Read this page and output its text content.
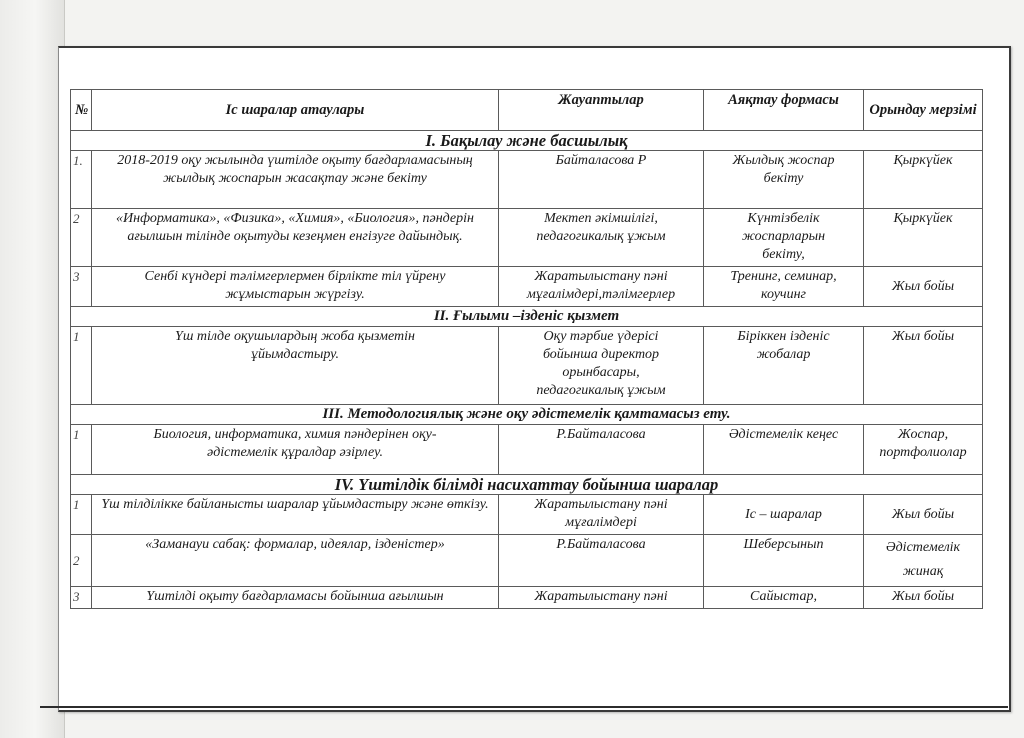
№	Іс шаралар атаулары	Жауаптылар	Аяқтау формасы	Орындау мерзімі
І. Бақылау және басшылық				
1.	2018-2019 оқу жылында үштілде оқыту бағдарламасының жылдық жоспарын жасақтау және бекіту	Байталасова Р	Жылдық жоспар бекіту	Қыркүйек
2	«Информатика», «Физика», «Химия», «Биология», пәндерін ағылшын тілінде оқытуды кезеңмен енгізуге дайындық.	Мектеп әкімшілігі, педагогикалық ұжым	Күнтізбелік жоспарларын бекіту,	Қыркүйек
3	Сенбі күндері тәлімгерлермен бірлікте тіл үйрену жұмыстарын жүргізу.	Жаратылыстану пәні мұғалімдері,тәлімгерлер	Тренинг, семинар, коучинг	Жыл бойы
ІІ. Ғылыми –ізденіс қызмет				
1	Үш тілде оқушылардың жоба қызметін ұйымдастыру.	Оқу тәрбие үдерісі бойынша директор орынбасары, педагогикалық ұжым	Біріккен ізденіс жобалар	Жыл бойы
ІІІ. Методологиялық және оқу әдістемелік қамтамасыз ету.				
1	Биология, информатика, химия пәндерінен оқу-әдістемелік құралдар әзірлеу.	Р.Байталасова	Әдістемелік кеңес	Жоспар, портфолиолар
IV. Үштілдік білімді насихаттау бойынша шаралар				
1	Үш тілділікке байланысты шаралар ұйымдастыру және өткізу.	Жаратылыстану пәні мұғалімдері	Іс – шаралар	Жыл бойы
2	«Заманауи сабақ: формалар, идеялар, ізденістер»	Р.Байталасова	Шеберсынып	Әдістемелік жинақ
3	Үштілді оқыту бағдарламасы бойынша ағылшын	Жаратылыстану пәні	Сайыстар,	Жыл бойы
